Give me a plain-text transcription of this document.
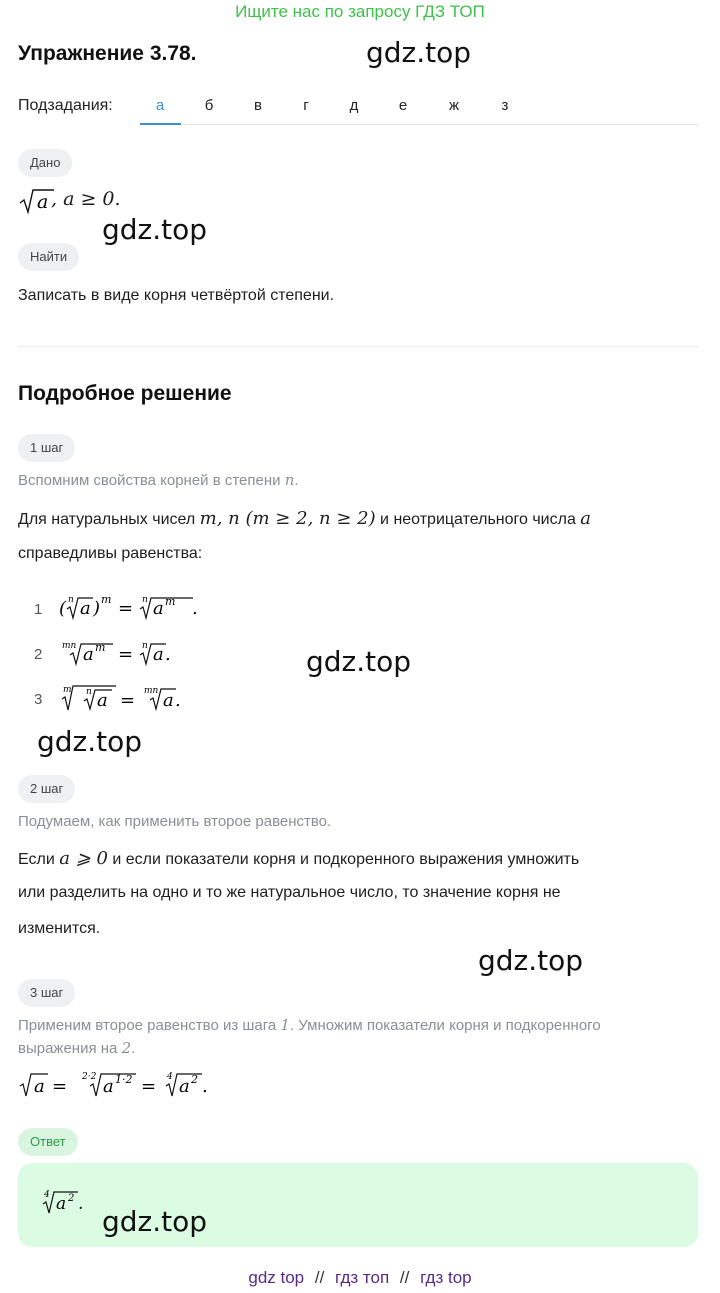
Ищите нас по запросу ГДЗ ТОП
Упражнение 3.78.	gdz.top
Подзадания:	а	б	в	г	д	е	ж	з
Дано
a , a ≥ 0.
gdz.top
Найти
Записать в виде корня четвёртой степени.
Подробное решение
1 шаг
Вспомним свойства корней в степени n.
Для натуральных чисел m, n (m ≥ 2, n ≥ 2) и неотрицательного числа a
справедливы равенства:
1 ( n a ) m = n a m .
2 mn a m = n a .
3
m n a = mn a .
gdz.top
gdz.top
2 шаг
Подумаем, как применить второе равенство.
Если a ⩾ 0 и если показатели корня и подкоренного выражения умножить
или разделить на одно и то же натуральное число, то значение корня не
изменится.
gdz.top
3 шаг
Применим второе равенство из шага 1. Умножим показатели корня и подкоренного
выражения на 2.
a = 2·2 a 1·2 = 4 a 2 .
Ответ
4 a 2 .
gdz.top
gdz top // гдз топ // гдз top
